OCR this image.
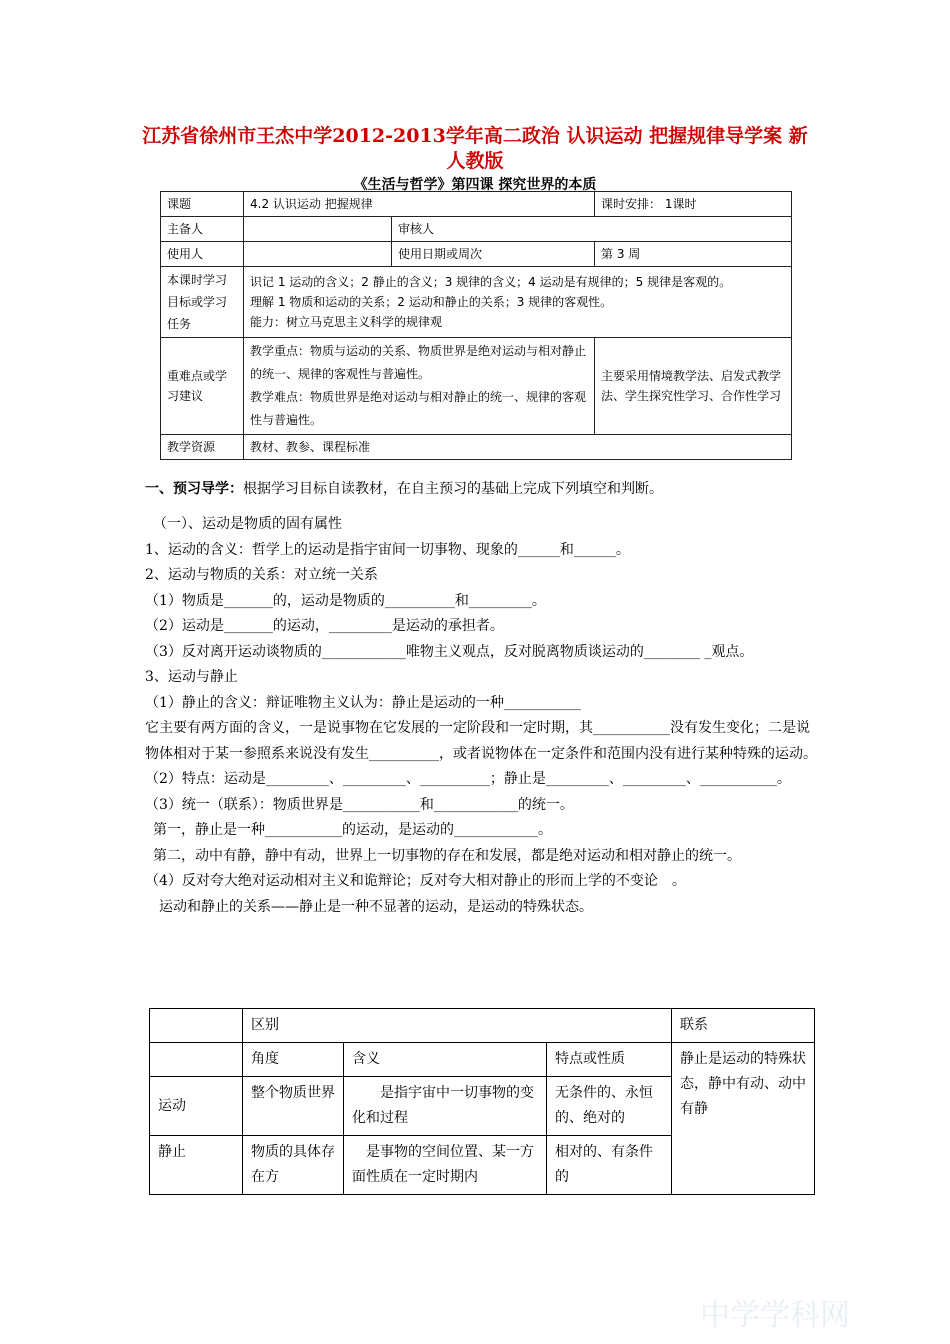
江苏省徐州市王杰中学2012-2013学年高二政治 认识运动 把握规律导学案 新人教版
《生活与哲学》第四课 探究世界的本质
课题	4.2 认识运动 把握规律		课时安排： 1课时
主备人		审核人	
使用人		使用日期或周次	第 3 周
本课时学习目标或学习任务	识记 1 运动的含义；2 静止的含义；3 规律的含义；4 运动是有规律的；5 规律是客观的。
理解 1 物质和运动的关系；2 运动和静止的关系；3 规律的客观性。
能力：树立马克思主义科学的规律观		

重难点或学习建议	教学重点：物质与运动的关系、物质世界是绝对运动与相对静止的统一、规律的客观性与普遍性。
教学难点：物质世界是绝对运动与相对静止的统一、规律的客观性与普遍性。		主要采用情境教学法、启发式教学法、学生探究性学习、合作性学习
教学资源	教材、教参、课程标准		
一、预习导学：根据学习目标自读教材，在自主预习的基础上完成下列填空和判断。

（一）、运动是物质的固有属性

1、运动的含义：哲学上的运动是指宇宙间一切事物、现象的______和______。

2、运动与物质的关系：对立统一关系

（1）物质是_______的，运动是物质的__________和_________。

（2）运动是_______的运动，_________是运动的承担者。

（3）反对离开运动谈物质的____________唯物主义观点，反对脱离物质谈运动的________ _观点。

3、运动与静止

（1）静止的含义：辩证唯物主义认为：静止是运动的一种___________

它主要有两方面的含义，一是说事物在它发展的一定阶段和一定时期，其___________没有发生变化；二是说物体相对于某一参照系来说没有发生__________，或者说物体在一定条件和范围内没有进行某种特殊的运动。

（2）特点：运动是_________、_________、__________；静止是_________、_________、___________。

（3）统一（联系）：物质世界是___________和____________的统一。

第一，静止是一种___________的运动，是运动的____________。

第二，动中有静，静中有动，世界上一切事物的存在和发展，都是绝对运动和相对静止的统一。

（4）反对夸大绝对运动相对主义和诡辩论；反对夸大相对静止的形而上学的不变论　。

运动和静止的关系——静止是一种不显著的运动，是运动的特殊状态。

	区别			联系
	角度	含义	特点或性质	静止是运动的特殊状态，静中有动、动中有静
运动	整个物质世界	是指宇宙中一切事物的变化和过程	无条件的、永恒的、绝对的	
静止	物质的具体存在方	是事物的空间位置、某一方面性质在一定时期内	相对的、有条件的	
中学学科网
